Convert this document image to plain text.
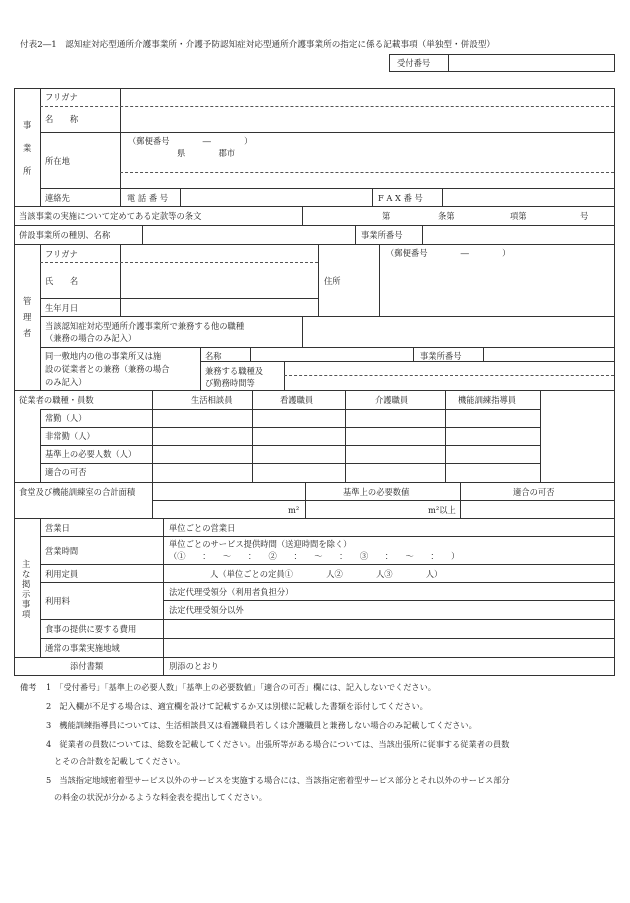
付表2―1　認知症対応型通所介護事業所・介護予防認知症対応型通所介護事業所の指定に係る記載事項（単独型・併設型）
受付番号
事
業
所
フリガナ
名　　称
所在地
（郵便番号　　　　―　　　　）
県　　　　郡市
連絡先	電 話 番 号	F A X 番 号
当該事業の実施について定めてある定款等の条文	第	条第	項第	号
併設事業所の種別、名称	事業所番号
管
理
者
フリガナ
氏　　名
生年月日
住所
（郵便番号　　　　―　　　　）
当該認知症対応型通所介護事業所で兼務する他の職種
（兼務の場合のみ記入）
同一敷地内の他の事業所又は施
設の従業者との兼務（兼務の場合
のみ記入）
名称	事業所番号
兼務する職種及
び勤務時間等
従業者の職種・員数	生活相談員	看護職員	介護職員	機能訓練指導員
常勤（人）
非常勤（人）
基準上の必要人数（人）
適合の可否
食堂及び機能訓練室の合計面積	基準上の必要数値	適合の可否
m²	m²以上
主
な
掲
示
事
項
営業日	単位ごとの営業日
営業時間
単位ごとのサービス提供時間（送迎時間を除く）
（①　　：　　～　　：　　②　　：　　～　　：　　③　　：　　～　　：　　）
利用定員	人（単位ごとの定員①　　　　人②　　　　人③　　　　人）
利用料
法定代理受領分（利用者負担分）
法定代理受領分以外
食事の提供に要する費用
通常の事業実施地域
添付書類	別添のとおり
備考 1　「受付番号」「基準上の必要人数」「基準上の必要数値」「適合の可否」欄には、記入しないでください。
2　記入欄が不足する場合は、適宜欄を設けて記載するか又は別様に記載した書類を添付してください。
3　機能訓練指導員については、生活相談員又は看護職員若しくは介護職員と兼務しない場合のみ記載してください。
4　従業者の員数については、総数を記載してください。出張所等がある場合については、当該出張所に従事する従業者の員数
とその合計数を記載してください。
5　当該指定地域密着型サービス以外のサービスを実施する場合には、当該指定密着型サービス部分とそれ以外のサービス部分
の料金の状況が分かるような料金表を提出してください。
